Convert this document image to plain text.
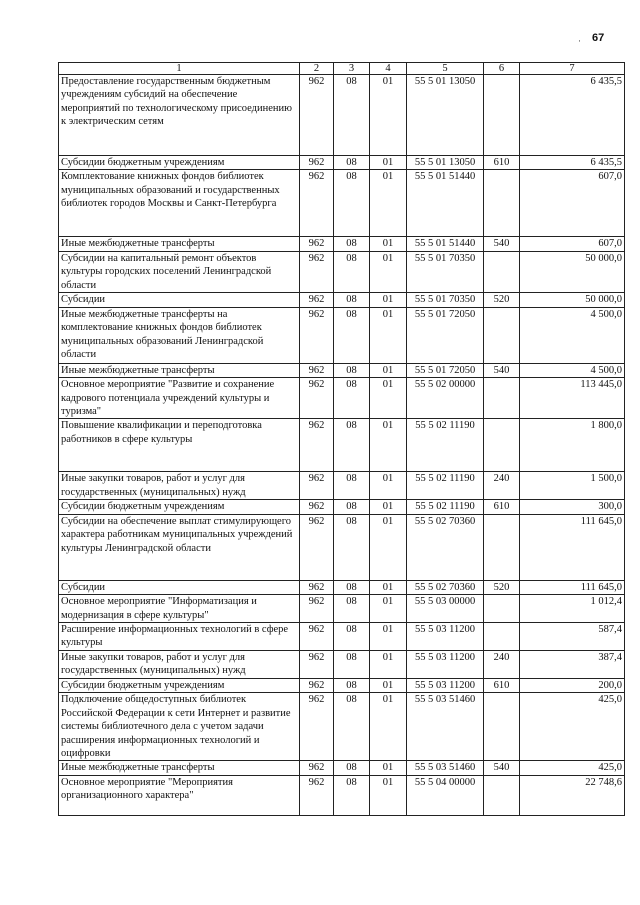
· 67
1	2	3	4	5	6	7
Предоставление государственным бюджетным учреждениям субсидий на обеспечение мероприятий по технологическому присоединению к электрическим сетям	962	08	01	55 5 01 13050		6 435,5
Субсидии бюджетным учреждениям	962	08	01	55 5 01 13050	610	6 435,5
Комплектование книжных фондов библиотек муниципальных образований и государственных библиотек городов Москвы и Санкт-Петербурга	962	08	01	55 5 01 51440		607,0
Иные межбюджетные трансферты	962	08	01	55 5 01 51440	540	607,0
Субсидии на капитальный ремонт объектов культуры городских поселений Ленинградской области	962	08	01	55 5 01 70350		50 000,0
Субсидии	962	08	01	55 5 01 70350	520	50 000,0
Иные межбюджетные трансферты на комплектование книжных фондов библиотек муниципальных образований Ленинградской области	962	08	01	55 5 01 72050		4 500,0
Иные межбюджетные трансферты	962	08	01	55 5 01 72050	540	4 500,0
Основное мероприятие "Развитие и сохранение кадрового потенциала учреждений культуры и туризма"	962	08	01	55 5 02 00000		113 445,0
Повышение квалификации и переподготовка работников в сфере культуры	962	08	01	55 5 02 11190		1 800,0
Иные закупки товаров, работ и услуг для государственных (муниципальных) нужд	962	08	01	55 5 02 11190	240	1 500,0
Субсидии бюджетным учреждениям	962	08	01	55 5 02 11190	610	300,0
Субсидии на обеспечение выплат стимулирующего характера работникам муниципальных учреждений культуры Ленинградской области	962	08	01	55 5 02 70360		111 645,0
Субсидии	962	08	01	55 5 02 70360	520	111 645,0
Основное мероприятие "Информатизация и модернизация в сфере культуры"	962	08	01	55 5 03 00000		1 012,4
Расширение информационных технологий в сфере культуры	962	08	01	55 5 03 11200		587,4
Иные закупки товаров, работ и услуг для государственных (муниципальных) нужд	962	08	01	55 5 03 11200	240	387,4
Субсидии бюджетным учреждениям	962	08	01	55 5 03 11200	610	200,0
Подключение общедоступных библиотек Российской Федерации к сети Интернет и развитие системы библиотечного дела с учетом задачи расширения информационных технологий и оцифровки	962	08	01	55 5 03 51460		425,0
Иные межбюджетные трансферты	962	08	01	55 5 03 51460	540	425,0
Основное мероприятие "Мероприятия организационного характера"	962	08	01	55 5 04 00000		22 748,6
